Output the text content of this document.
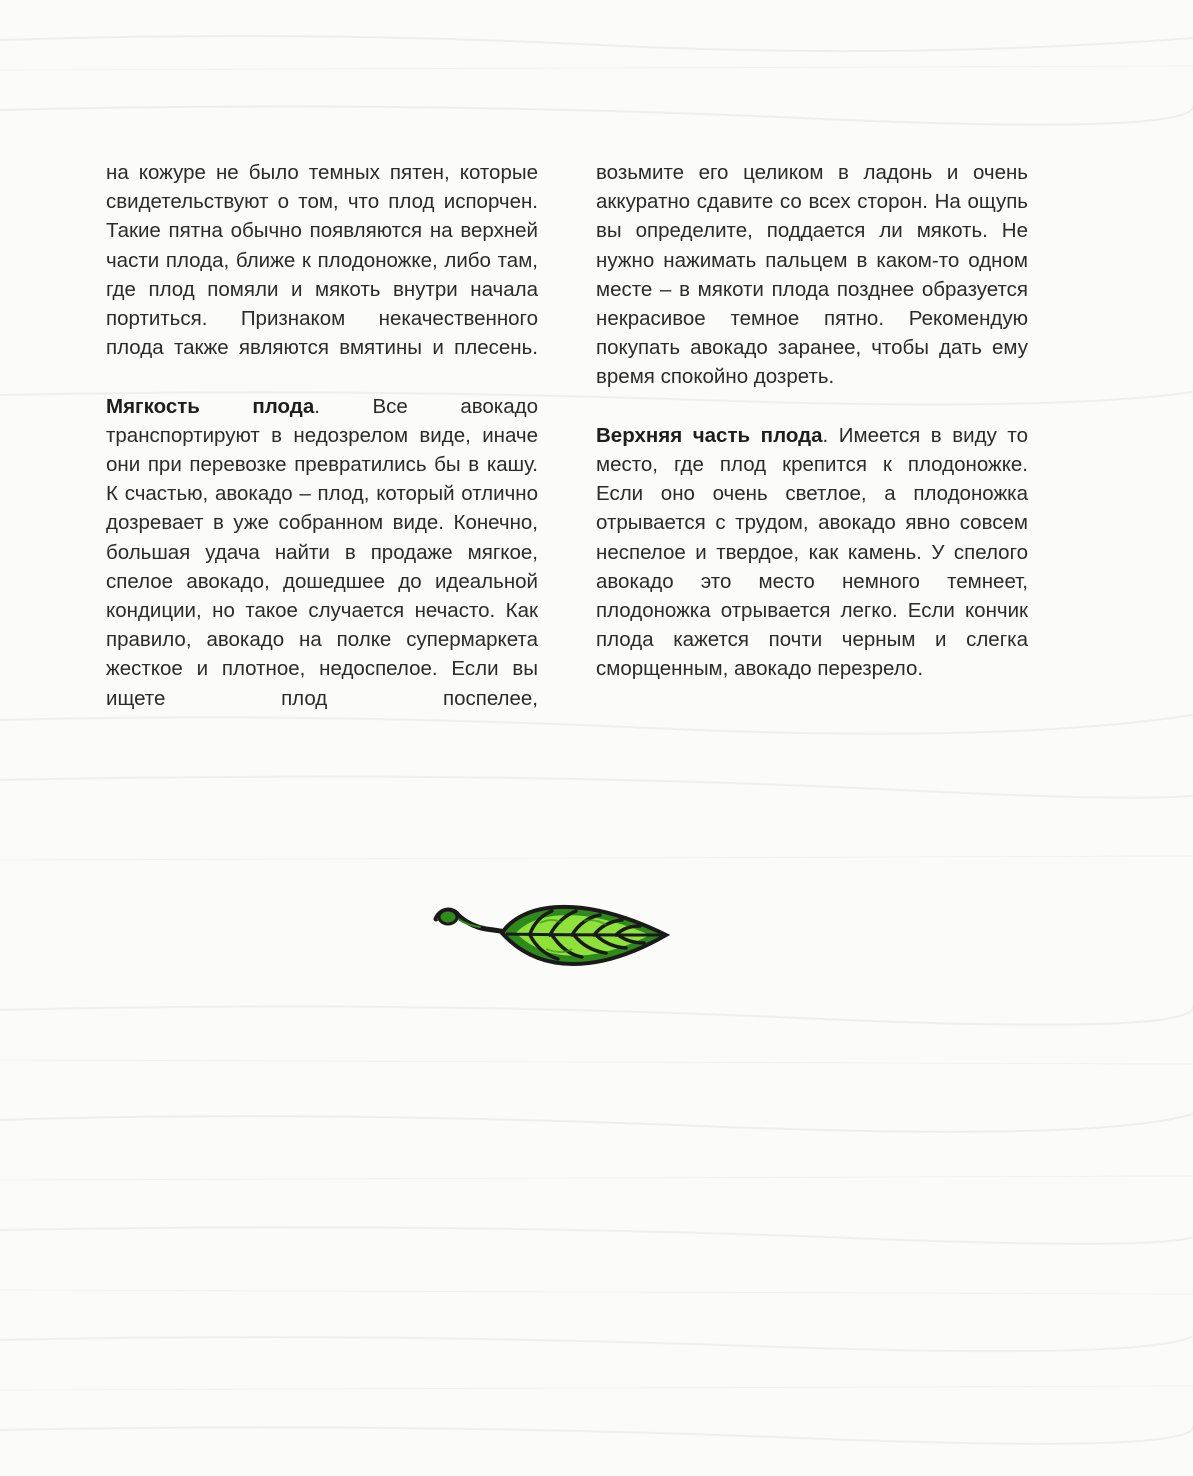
на кожуре не было темных пятен, которые свидетельствуют о том, что плод испорчен. Такие пятна обычно появляются на верхней части плода, ближе к плодоножке, либо там, где плод помяли и мякоть внутри начала портиться. Признаком некачественного плода также являются вмятины и плесень.

Мягкость плода. Все авокадо транспортируют в недозрелом виде, иначе они при перевозке превратились бы в кашу. К счастью, авокадо – плод, который отлично дозревает в уже собранном виде. Конечно, большая удача найти в продаже мягкое, спелое авокадо, дошедшее до идеальной кондиции, но такое случается нечасто. Как правило, авокадо на полке супермаркета жесткое и плотное, недоспелое. Если вы ищете плод поспелее,

возьмите его целиком в ладонь и очень аккуратно сдавите со всех сторон. На ощупь вы определите, поддается ли мякоть. Не нужно нажимать пальцем в каком-то одном месте – в мякоти плода позднее образуется некрасивое темное пятно. Рекомендую покупать авокадо заранее, чтобы дать ему время спокойно дозреть.

Верхняя часть плода. Имеется в виду то место, где плод крепится к плодоножке. Если оно очень светлое, а плодоножка отрывается с трудом, авокадо явно совсем неспелое и твердое, как камень. У спелого авокадо это место немного темнеет, плодоножка отрывается легко. Если кончик плода кажется почти черным и слегка сморщенным, авокадо перезрело.
